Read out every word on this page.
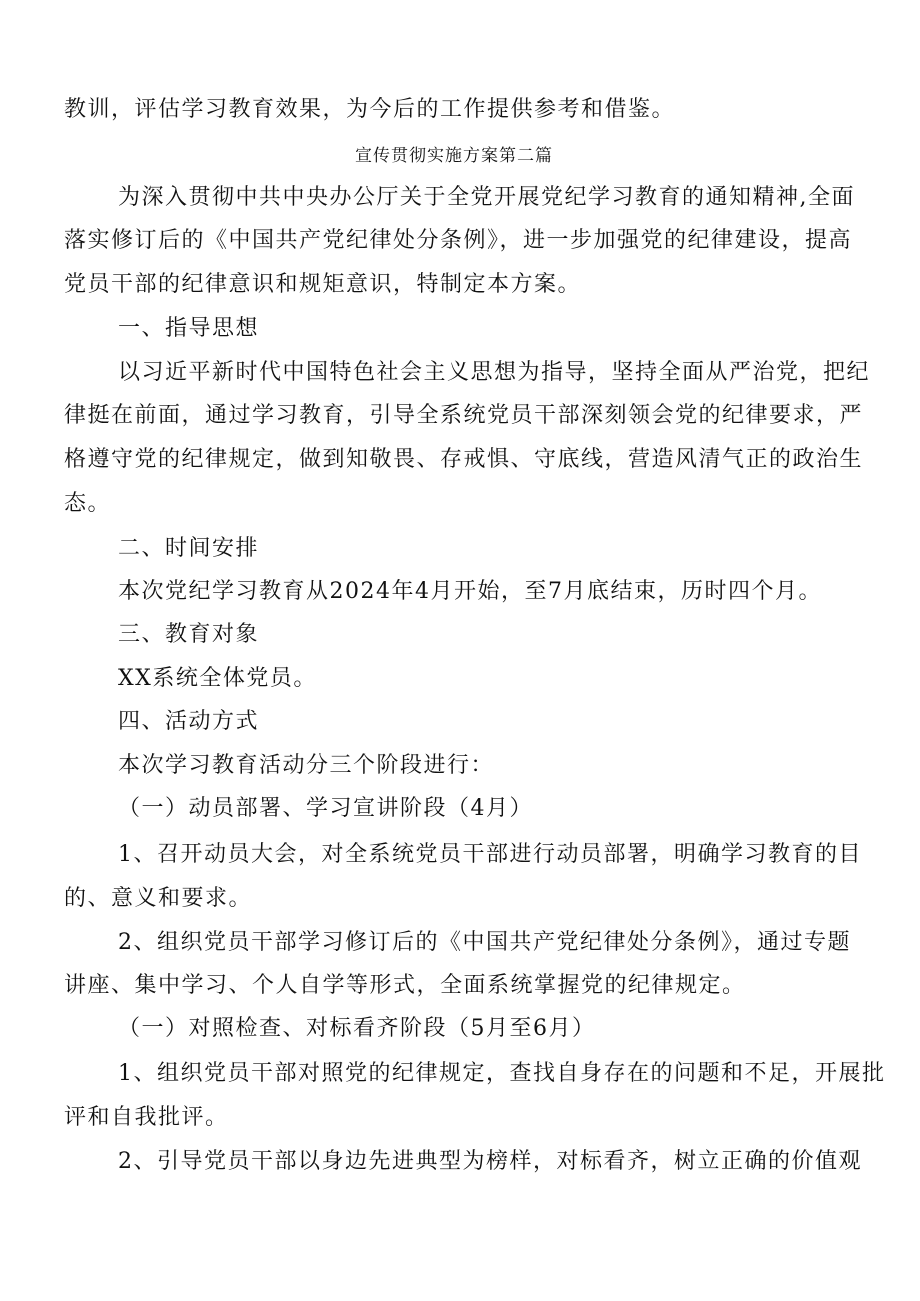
教训，评估学习教育效果，为今后的工作提供参考和借鉴。
宣传贯彻实施方案第二篇
为深入贯彻中共中央办公厅关于全党开展党纪学习教育的通知精神,全面
落实修订后的《中国共产党纪律处分条例》，进一步加强党的纪律建设，提高
党员干部的纪律意识和规矩意识，特制定本方案。
一、指导思想
以习近平新时代中国特色社会主义思想为指导，坚持全面从严治党，把纪
律挺在前面，通过学习教育，引导全系统党员干部深刻领会党的纪律要求，严
格遵守党的纪律规定，做到知敬畏、存戒惧、守底线，营造风清气正的政治生
态。
二、时间安排
本次党纪学习教育从2024年4月开始，至7月底结束，历时四个月。
三、教育对象
XX系统全体党员。
四、活动方式
本次学习教育活动分三个阶段进行：
（一）动员部署、学习宣讲阶段（4月）
1、召开动员大会，对全系统党员干部进行动员部署，明确学习教育的目
的、意义和要求。
2、组织党员干部学习修订后的《中国共产党纪律处分条例》，通过专题
讲座、集中学习、个人自学等形式，全面系统掌握党的纪律规定。
（一）对照检查、对标看齐阶段（5月至6月）
1、组织党员干部对照党的纪律规定，查找自身存在的问题和不足，开展批
评和自我批评。
2、引导党员干部以身边先进典型为榜样，对标看齐，树立正确的价值观
